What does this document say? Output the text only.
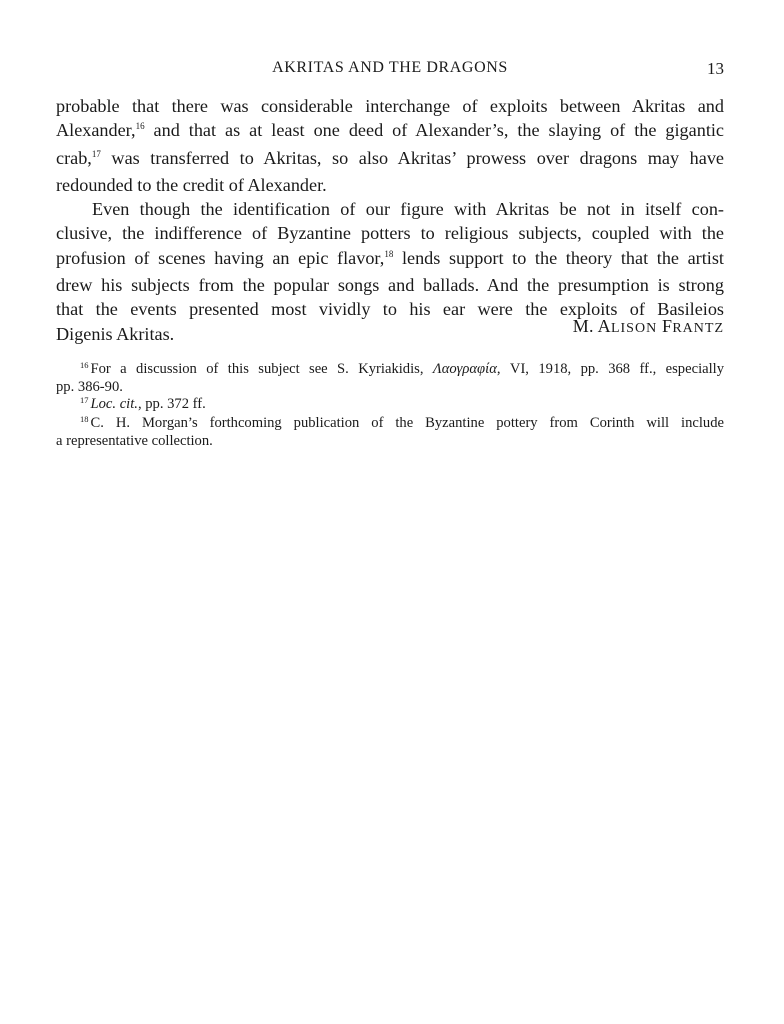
AKRITAS AND THE DRAGONS	13
probable that there was considerable interchange of exploits between Akritas and
Alexander,$^{16}$ and that as at least one deed of Alexander’s, the slaying of the gigantic
crab,$^{17}$ was transferred to Akritas, so also Akritas’ prowess over dragons may have
redounded to the credit of Alexander.
Even though the identification of our figure with Akritas be not in itself con-
clusive, the indifference of Byzantine potters to religious subjects, coupled with the
profusion of scenes having an epic flavor,$^{18}$ lends support to the theory that the artist
drew his subjects from the popular songs and ballads. And the presumption is strong
that the events presented most vividly to his ear were the exploits of Basileios
Digenis Akritas.	M. ALISON FRANTZ
$^{16}$ For a discussion of this subject see S. Kyriakidis, Λαογραφία, VI, 1918, pp. 368 ff., especially
pp. 386-90.
$^{17}$ Loc. cit., pp. 372 ff.
$^{18}$ C. H. Morgan’s forthcoming publication of the Byzantine pottery from Corinth will include
a representative collection.
